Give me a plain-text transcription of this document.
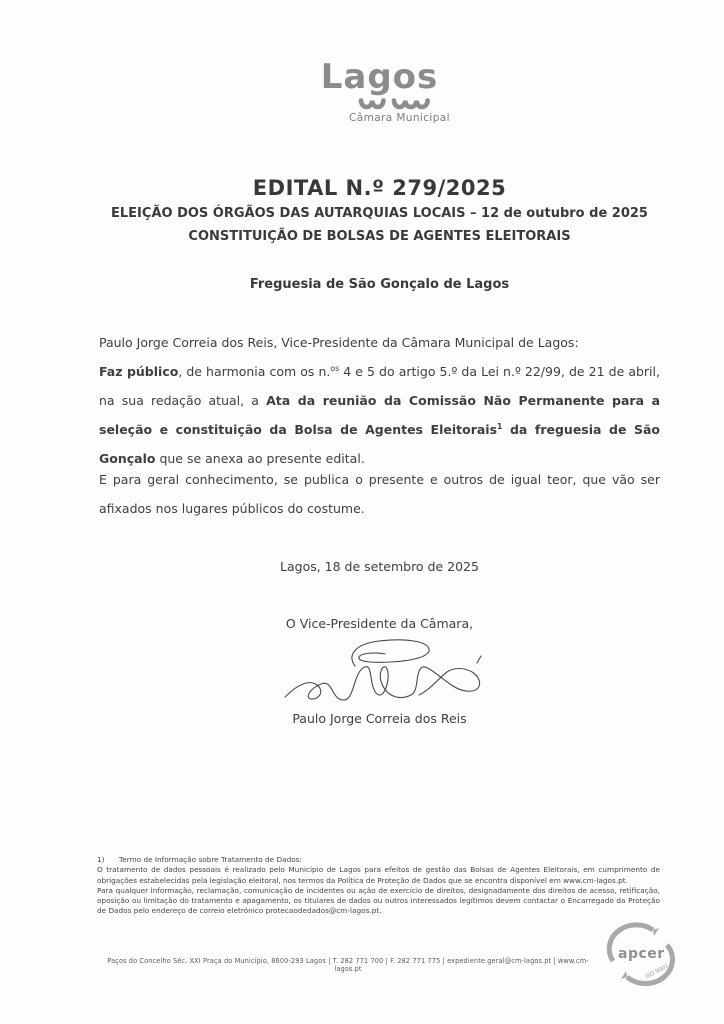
Lagos
Câmara Municipal
EDITAL N.º 279/2025
ELEIÇÃO DOS ÓRGÃOS DAS AUTARQUIAS LOCAIS – 12 de outubro de 2025
CONSTITUIÇÃO DE BOLSAS DE AGENTES ELEITORAIS
Freguesia de São Gonçalo de Lagos
Paulo Jorge Correia dos Reis, Vice-Presidente da Câmara Municipal de Lagos:

Faz público, de harmonia com os n.$^{os}$ 4 e 5 do artigo 5.º da Lei n.º 22/99, de 21 de abril, na sua redação atual, a Ata da reunião da Comissão Não Permanente para a seleção e constituição da Bolsa de Agentes Eleitorais$^1$ da freguesia de São Gonçalo que se anexa ao presente edital.

E para geral conhecimento, se publica o presente e outros de igual teor, que vão ser afixados nos lugares públicos do costume.

Lagos, 18 de setembro de 2025
O Vice-Presidente da Câmara,
Paulo Jorge Correia dos Reis
1) Termo de Informação sobre Tratamento de Dados:

O tratamento de dados pessoais é realizado pelo Município de Lagos para efeitos de gestão das Bolsas de Agentes Eleitorais, em cumprimento de obrigações estabelecidas pela legislação eleitoral, nos termos da Política de Proteção de Dados que se encontra disponível em www.cm-lagos.pt.

Para qualquer informação, reclamação, comunicação de incidentes ou ação de exercício de direitos, designadamente dos direitos de acesso, retificação, oposição ou limitação do tratamento e apagamento, os titulares de dados ou outros interessados legítimos devem contactar o Encarregado da Proteção de Dados pelo endereço de correio eletrónico protecaodedados@cm-lagos.pt.

Paços do Concelho Séc. XXI Praça do Município, 8600-293 Lagos | T. 282 771 700 | F. 282 771 775 | expediente.geral@cm-lagos.pt | www.cm-lagos.pt
apcer
ISO 9001
